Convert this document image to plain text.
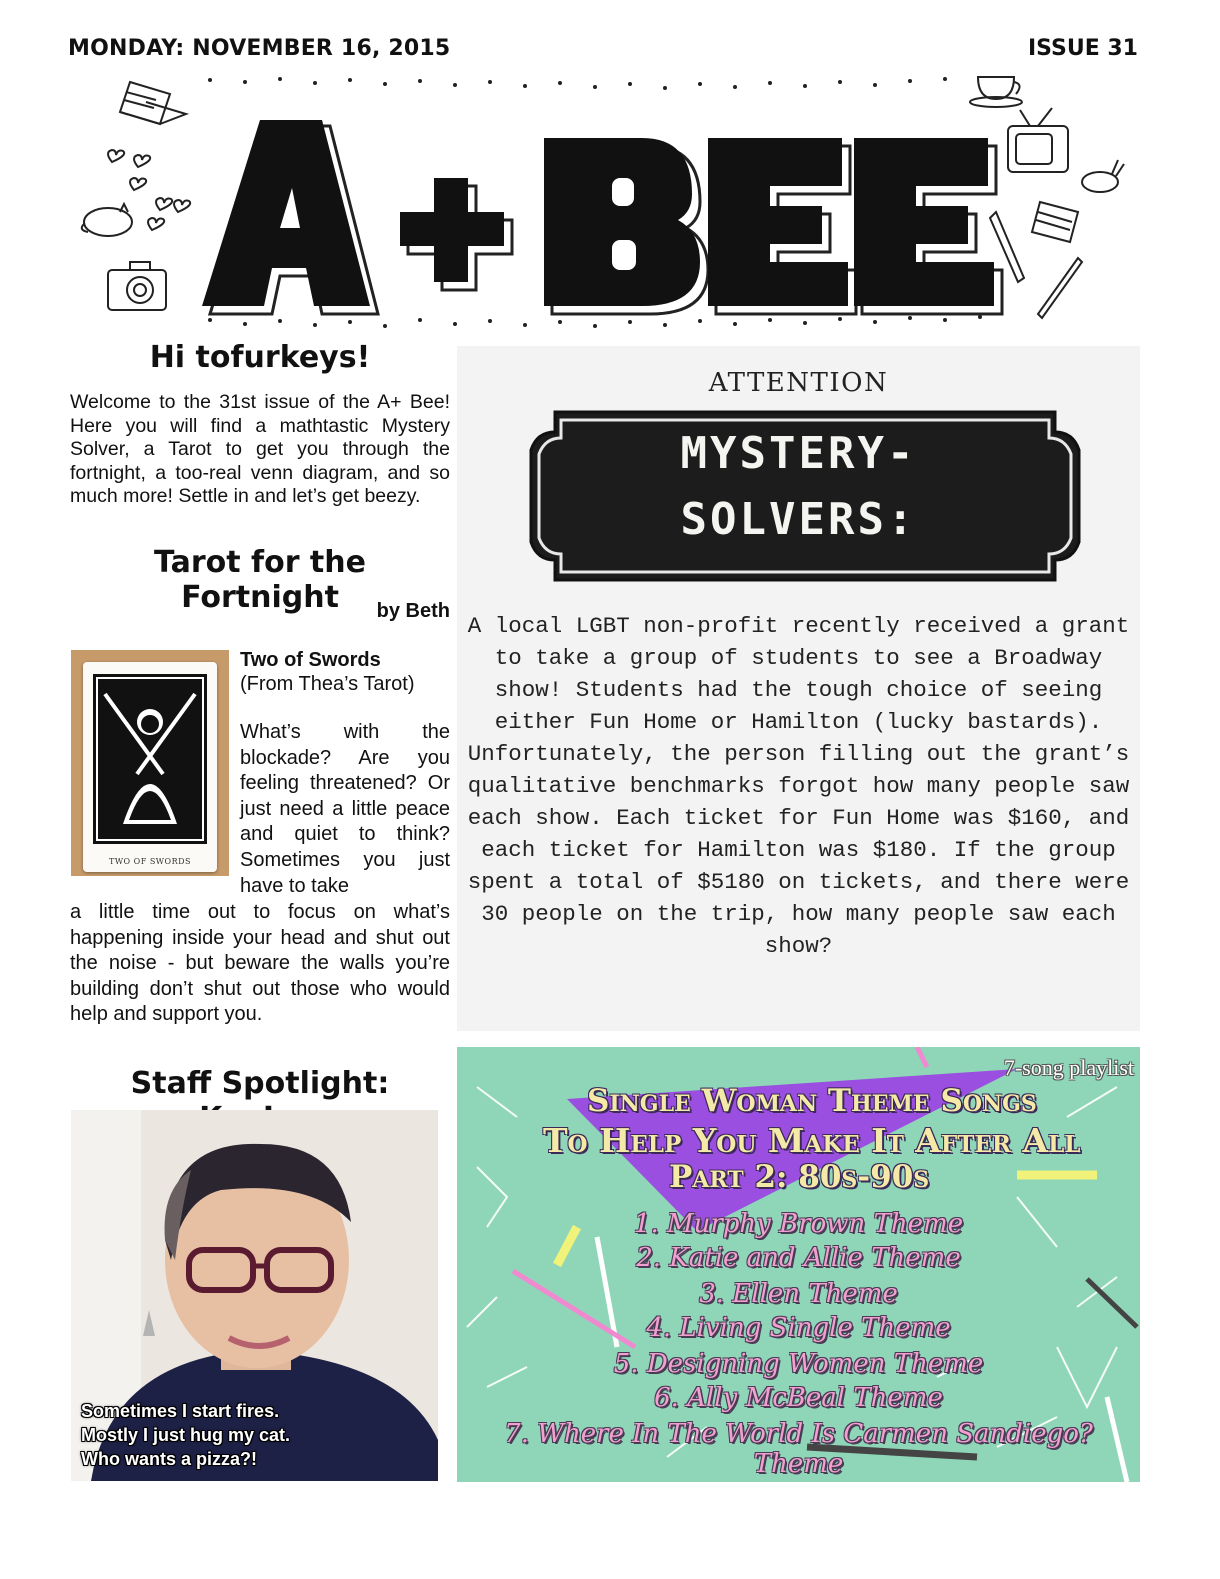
MONDAY: NOVEMBER 16, 2015	ISSUE 31
Hi tofurkeys!
Welcome to the 31st issue of the A+ Bee! Here you will find a mathtastic Mystery Solver, a Tarot to get you through the fortnight, a too-real venn diagram, and so much more! Settle in and let’s get beezy.
Tarot for the Fortnight	by Beth
TWO OF SWORDS
Two of Swords
(From Thea’s Tarot)
What’s with the blockade? Are you feeling threatened? Or just need a little peace and quiet to think? Sometimes you just have to take
a little time out to focus on what’s happening inside your head and shut out the noise - but beware the walls you’re building don’t shut out those who would help and support you.
Staff Spotlight:
Sometimes I start fires.
Mostly I just hug my cat.
Who wants a pizza?!
ATTENTION
MYSTERY-
SOLVERS:
A local LGBT non-profit recently received a grant to take a group of students to see a Broadway show! Students had the tough choice of seeing either Fun Home or Hamilton (lucky bastards). Unfortunately, the person filling out the grant’s qualitative benchmarks forgot how many people saw each show. Each ticket for Fun Home was $160, and each ticket for Hamilton was $180. If the group spent a total of $5180 on tickets, and there were 30 people on the trip, how many people saw each show?
7-song playlist
Single Woman Theme Songs
To Help You Make It After All
Part 2: 80s-90s
1. Murphy Brown Theme
2. Katie and Allie Theme
3. Ellen Theme
4. Living Single Theme
5. Designing Women Theme
6. Ally McBeal Theme
7. Where In The World Is Carmen Sandiego? Theme
